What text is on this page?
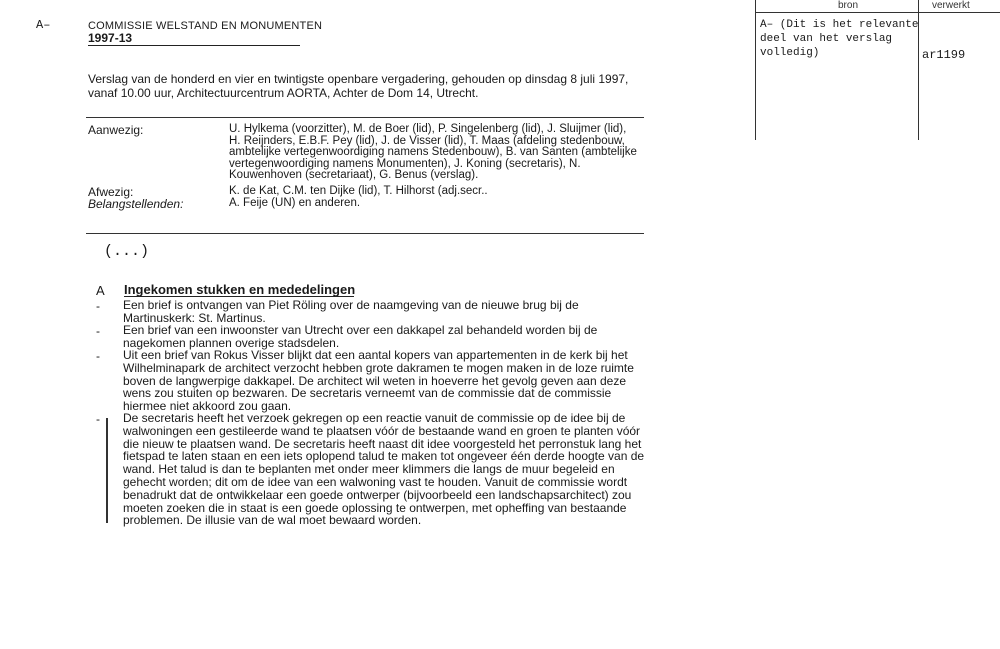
A–	COMMISSIE WELSTAND EN MONUMENTEN
1997-13
Verslag van de honderd en vier en twintigste openbare vergadering, gehouden op dinsdag 8 juli 1997, vanaf 10.00 uur, Architectuurcentrum AORTA, Achter de Dom 14, Utrecht.
Aanwezig:	U. Hylkema (voorzitter), M. de Boer (lid), P. Singelenberg (lid), J. Sluijmer (lid), H. Reijnders, E.B.F. Pey (lid), J. de Visser (lid), T. Maas (afdeling stedenbouw, ambtelijke vertegenwoordiging namens Stedenbouw), B. van Santen (ambtelijke vertegenwoordiging namens Monumenten), J. Koning (secretaris), N. Kouwenhoven (secretariaat), G. Benus (verslag).
Afwezig:	K. de Kat, C.M. ten Dijke (lid), T. Hilhorst (adj.secr..
Belangstellenden:	A. Feije (UN) en anderen.
(...)
A Ingekomen stukken en mededelingen
- Een brief is ontvangen van Piet Röling over de naamgeving van de nieuwe brug bij de Martinuskerk: St. Martinus.
- Een brief van een inwoonster van Utrecht over een dakkapel zal behandeld worden bij de nagekomen plannen overige stadsdelen.
- Uit een brief van Rokus Visser blijkt dat een aantal kopers van appartementen in de kerk bij het Wilhelminapark de architect verzocht hebben grote dakramen te mogen maken in de loze ruimte boven de langwerpige dakkapel. De architect wil weten in hoeverre het gevolg geven aan deze wens zou stuiten op bezwaren. De secretaris verneemt van de commissie dat de commissie hiermee niet akkoord zou gaan.
- De secretaris heeft het verzoek gekregen op een reactie vanuit de commissie op de idee bij de walwoningen een gestileerde wand te plaatsen vóór de bestaande wand en groen te planten vóór die nieuw te plaatsen wand. De secretaris heeft naast dit idee voorgesteld het perronstuk lang het fietspad te laten staan en een iets oplopend talud te maken tot ongeveer één derde hoogte van de wand. Het talud is dan te beplanten met onder meer klimmers die langs de muur begeleid en gehecht worden; dit om de idee van een walwoning vast te houden. Vanuit de commissie wordt benadrukt dat de ontwikkelaar een goede ontwerper (bijvoorbeeld een landschapsarchitect) zou moeten zoeken die in staat is een goede oplossing te ontwerpen, met opheffing van bestaande problemen. De illusie van de wal moet bewaard worden.
bron	verwerkt
A– (Dit is het relevante deel van het verslag volledig)	ar1199
